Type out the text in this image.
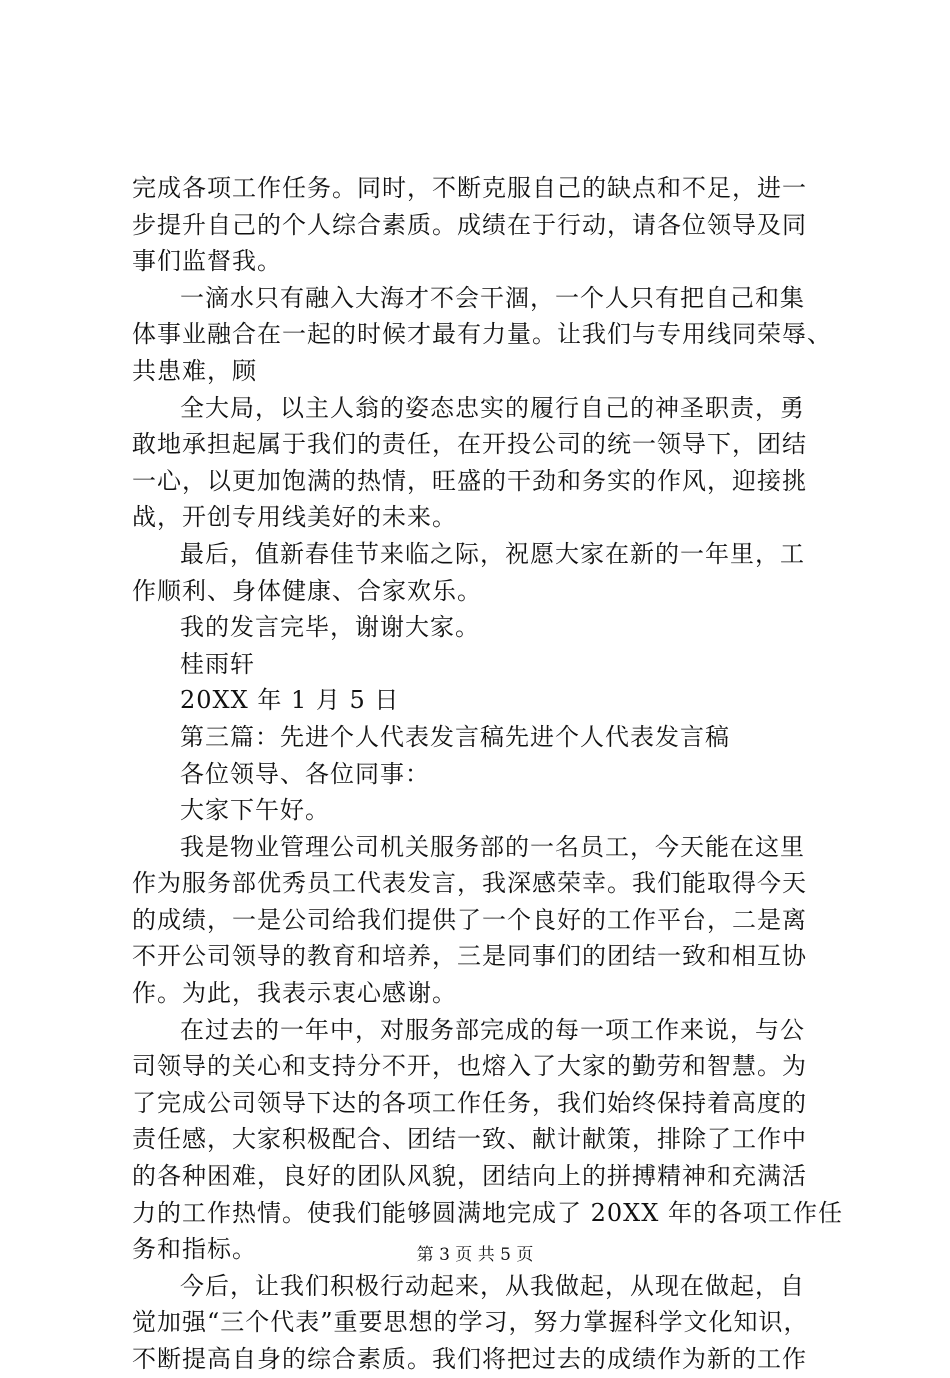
完成各项工作任务。同时，不断克服自己的缺点和不足，进一
步提升自己的个人综合素质。成绩在于行动，请各位领导及同
事们监督我。
一滴水只有融入大海才不会干涸，一个人只有把自己和集
体事业融合在一起的时候才最有力量。让我们与专用线同荣辱、
共患难，顾
全大局，以主人翁的姿态忠实的履行自己的神圣职责，勇
敢地承担起属于我们的责任，在开投公司的统一领导下，团结
一心，以更加饱满的热情，旺盛的干劲和务实的作风，迎接挑
战，开创专用线美好的未来。
最后，值新春佳节来临之际，祝愿大家在新的一年里，工
作顺利、身体健康、合家欢乐。
我的发言完毕，谢谢大家。
桂雨轩
20XX 年 1 月 5 日
第三篇：先进个人代表发言稿先进个人代表发言稿
各位领导、各位同事：
大家下午好。
我是物业管理公司机关服务部的一名员工，今天能在这里
作为服务部优秀员工代表发言，我深感荣幸。我们能取得今天
的成绩，一是公司给我们提供了一个良好的工作平台，二是离
不开公司领导的教育和培养，三是同事们的团结一致和相互协
作。为此，我表示衷心感谢。
在过去的一年中，对服务部完成的每一项工作来说，与公
司领导的关心和支持分不开，也熔入了大家的勤劳和智慧。为
了完成公司领导下达的各项工作任务，我们始终保持着高度的
责任感，大家积极配合、团结一致、献计献策，排除了工作中
的各种困难，良好的团队风貌，团结向上的拼搏精神和充满活
力的工作热情。使我们能够圆满地完成了 20XX 年的各项工作任
务和指标。
今后，让我们积极行动起来，从我做起，从现在做起，自
觉加强“三个代表”重要思想的学习，努力掌握科学文化知识，
不断提高自身的综合素质。我们将把过去的成绩作为新的工作
第 3 页 共 5 页
